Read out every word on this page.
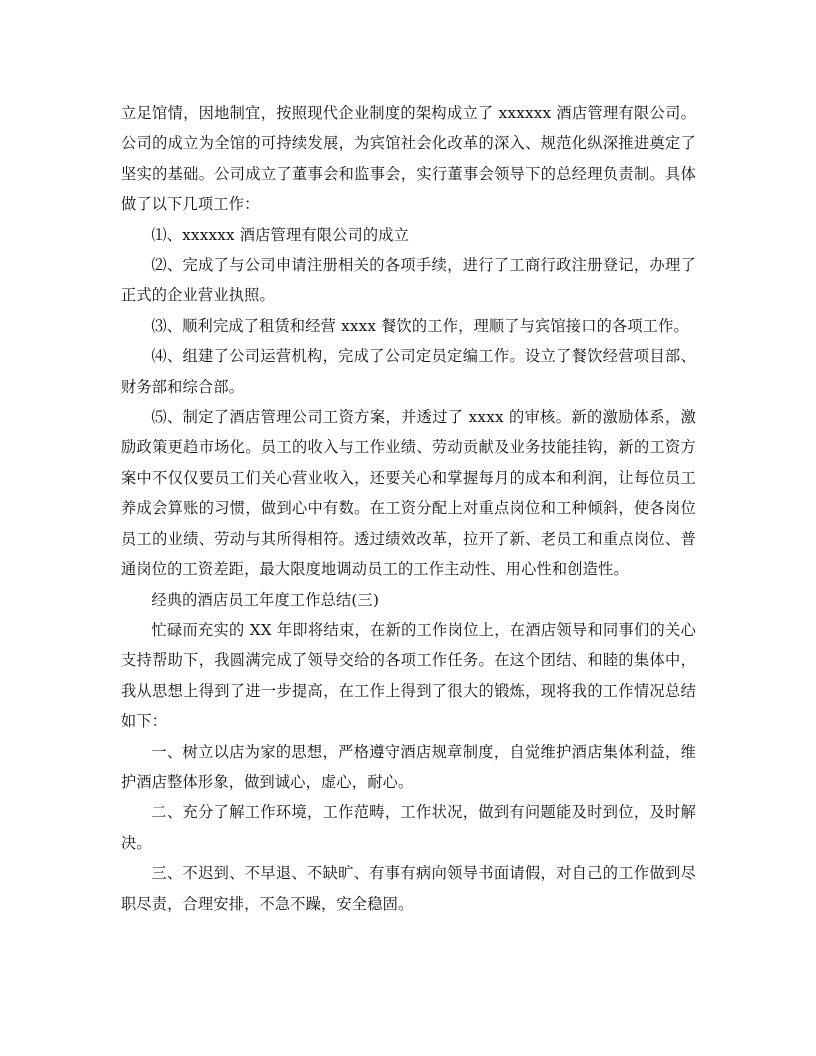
立足馆情，因地制宜，按照现代企业制度的架构成立了 xxxxxx 酒店管理有限公司。公司的成立为全馆的可持续发展，为宾馆社会化改革的深入、规范化纵深推进奠定了坚实的基础。公司成立了董事会和监事会，实行董事会领导下的总经理负责制。具体做了以下几项工作：

⑴、xxxxxx 酒店管理有限公司的成立

⑵、完成了与公司申请注册相关的各项手续，进行了工商行政注册登记，办理了正式的企业营业执照。

⑶、顺利完成了租赁和经营 xxxx 餐饮的工作，理顺了与宾馆接口的各项工作。

⑷、组建了公司运营机构，完成了公司定员定编工作。设立了餐饮经营项目部、财务部和综合部。

⑸、制定了酒店管理公司工资方案，并透过了 xxxx 的审核。新的激励体系，激励政策更趋市场化。员工的收入与工作业绩、劳动贡献及业务技能挂钩，新的工资方案中不仅仅要员工们关心营业收入，还要关心和掌握每月的成本和利润，让每位员工养成会算账的习惯，做到心中有数。在工资分配上对重点岗位和工种倾斜，使各岗位员工的业绩、劳动与其所得相符。透过绩效改革，拉开了新、老员工和重点岗位、普通岗位的工资差距，最大限度地调动员工的工作主动性、用心性和创造性。

经典的酒店员工年度工作总结(三)

忙碌而充实的 XX 年即将结束，在新的工作岗位上，在酒店领导和同事们的关心支持帮助下，我圆满完成了领导交给的各项工作任务。在这个团结、和睦的集体中，我从思想上得到了进一步提高，在工作上得到了很大的锻炼，现将我的工作情况总结如下：

一、树立以店为家的思想，严格遵守酒店规章制度，自觉维护酒店集体利益，维护酒店整体形象，做到诚心，虚心，耐心。

二、充分了解工作环境，工作范畴，工作状况，做到有问题能及时到位，及时解决。

三、不迟到、不早退、不缺旷、有事有病向领导书面请假，对自己的工作做到尽职尽责，合理安排，不急不躁，安全稳固。
